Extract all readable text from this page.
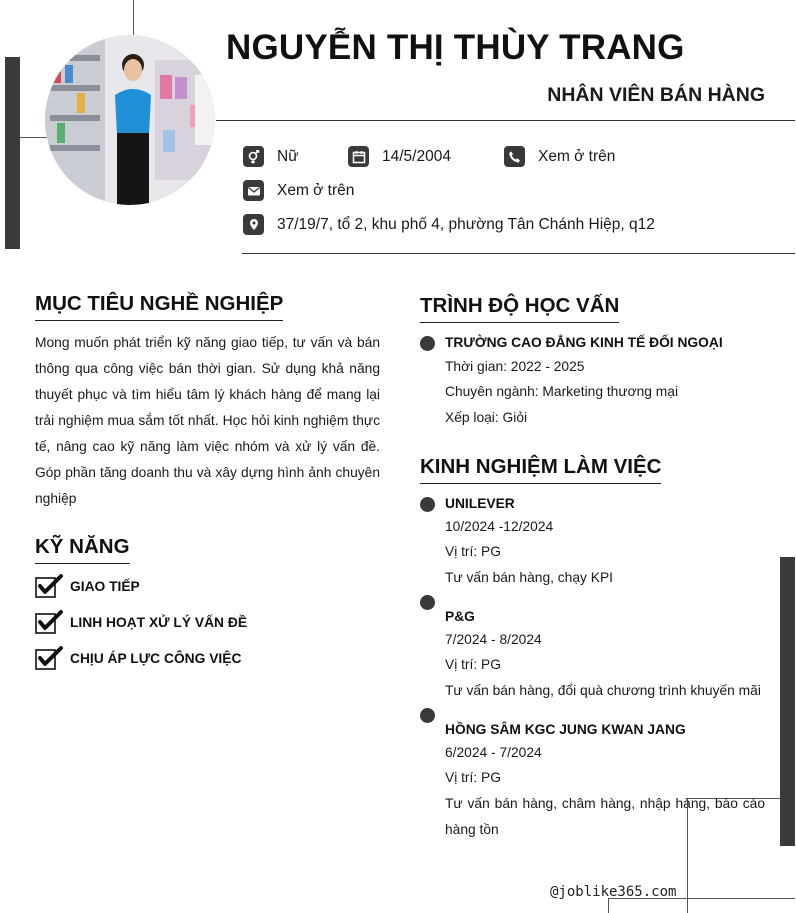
NGUYỄN THỊ THÙY TRANG
NHÂN VIÊN BÁN HÀNG
Nữ	14/5/2004	Xem ở trên
Xem ở trên
37/19/7, tổ 2, khu phố 4, phường Tân Chánh Hiệp, q12
MỤC TIÊU NGHỀ NGHIỆP
Mong muốn phát triển kỹ năng giao tiếp, tư vấn và bán thông qua công việc bán thời gian. Sử dụng khả năng thuyết phục và tìm hiểu tâm lý khách hàng để mang lại trải nghiệm mua sắm tốt nhất. Học hỏi kinh nghiệm thực tế, nâng cao kỹ năng làm việc nhóm và xử lý vấn đề. Góp phần tăng doanh thu và xây dựng hình ảnh chuyên nghiệp
KỸ NĂNG
GIAO TIẾP
LINH HOẠT XỬ LÝ VẤN ĐỀ
CHỊU ÁP LỰC CÔNG VIỆC
TRÌNH ĐỘ HỌC VẤN
TRƯỜNG CAO ĐẲNG KINH TẾ ĐỐI NGOẠI
Thời gian: 2022 - 2025
Chuyên ngành: Marketing thương mại
Xếp loại: Giỏi
KINH NGHIỆM LÀM VIỆC
UNILEVER
10/2024 -12/2024
Vị trí: PG
Tư vấn bán hàng, chạy KPI
P&G
7/2024 - 8/2024
Vị trí: PG
Tư vấn bán hàng, đổi quà chương trình khuyến mãi
HỒNG SÂM KGC JUNG KWAN JANG
6/2024 - 7/2024
Vị trí: PG
Tư vấn bán hàng, châm hàng, nhập hàng, báo cáo hàng tồn
@joblike365.com
